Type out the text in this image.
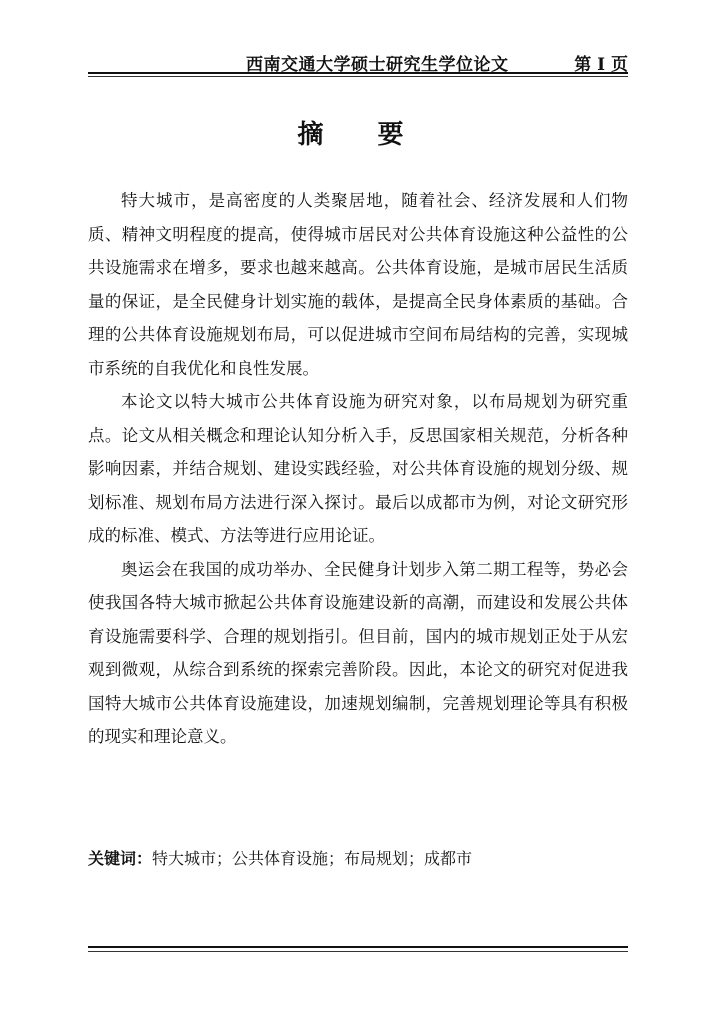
西南交通大学硕士研究生学位论文	第 I 页
摘要

特大城市，是高密度的人类聚居地，随着社会、经济发展和人们物质、精神文明程度的提高，使得城市居民对公共体育设施这种公益性的公共设施需求在增多，要求也越来越高。公共体育设施，是城市居民生活质量的保证，是全民健身计划实施的载体，是提高全民身体素质的基础。合理的公共体育设施规划布局，可以促进城市空间布局结构的完善，实现城市系统的自我优化和良性发展。

本论文以特大城市公共体育设施为研究对象，以布局规划为研究重点。论文从相关概念和理论认知分析入手，反思国家相关规范，分析各种影响因素，并结合规划、建设实践经验，对公共体育设施的规划分级、规划标准、规划布局方法进行深入探讨。最后以成都市为例，对论文研究形成的标准、模式、方法等进行应用论证。

奥运会在我国的成功举办、全民健身计划步入第二期工程等，势必会使我国各特大城市掀起公共体育设施建设新的高潮，而建设和发展公共体育设施需要科学、合理的规划指引。但目前，国内的城市规划正处于从宏观到微观，从综合到系统的探索完善阶段。因此，本论文的研究对促进我国特大城市公共体育设施建设，加速规划编制，完善规划理论等具有积极的现实和理论意义。

关键词：特大城市；公共体育设施；布局规划；成都市
